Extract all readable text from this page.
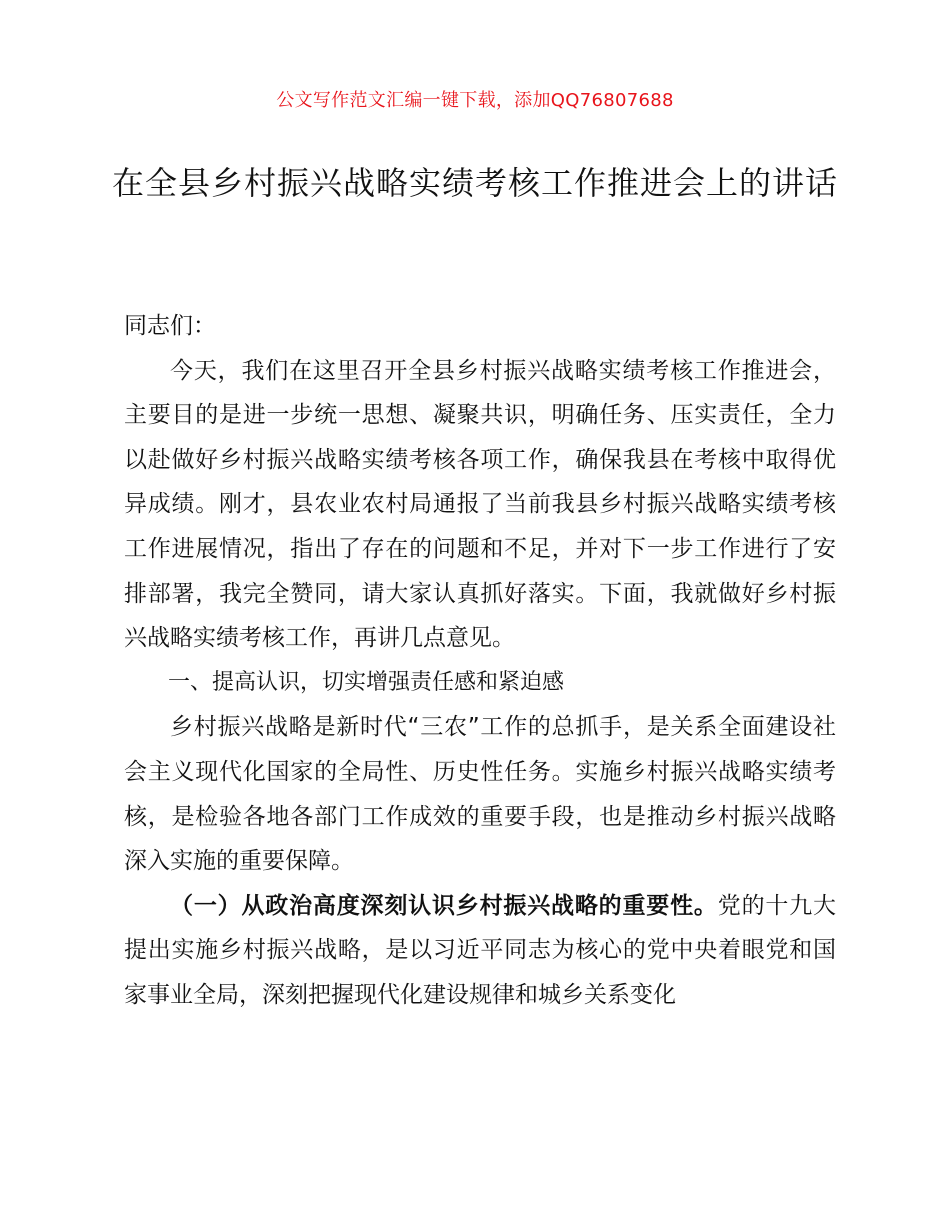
公文写作范文汇编一键下载，添加QQ76807688
在全县乡村振兴战略实绩考核工作推进会上的讲话

同志们：

今天，我们在这里召开全县乡村振兴战略实绩考核工作推进会，主要目的是进一步统一思想、凝聚共识，明确任务、压实责任，全力以赴做好乡村振兴战略实绩考核各项工作，确保我县在考核中取得优异成绩。刚才，县农业农村局通报了当前我县乡村振兴战略实绩考核工作进展情况，指出了存在的问题和不足，并对下一步工作进行了安排部署，我完全赞同，请大家认真抓好落实。下面，我就做好乡村振兴战略实绩考核工作，再讲几点意见。

一、提高认识，切实增强责任感和紧迫感

乡村振兴战略是新时代“三农”工作的总抓手，是关系全面建设社会主义现代化国家的全局性、历史性任务。实施乡村振兴战略实绩考核，是检验各地各部门工作成效的重要手段，也是推动乡村振兴战略深入实施的重要保障。

（一）从政治高度深刻认识乡村振兴战略的重要性。党的十九大提出实施乡村振兴战略，是以习近平同志为核心的党中央着眼党和国家事业全局，深刻把握现代化建设规律和城乡关系变化
